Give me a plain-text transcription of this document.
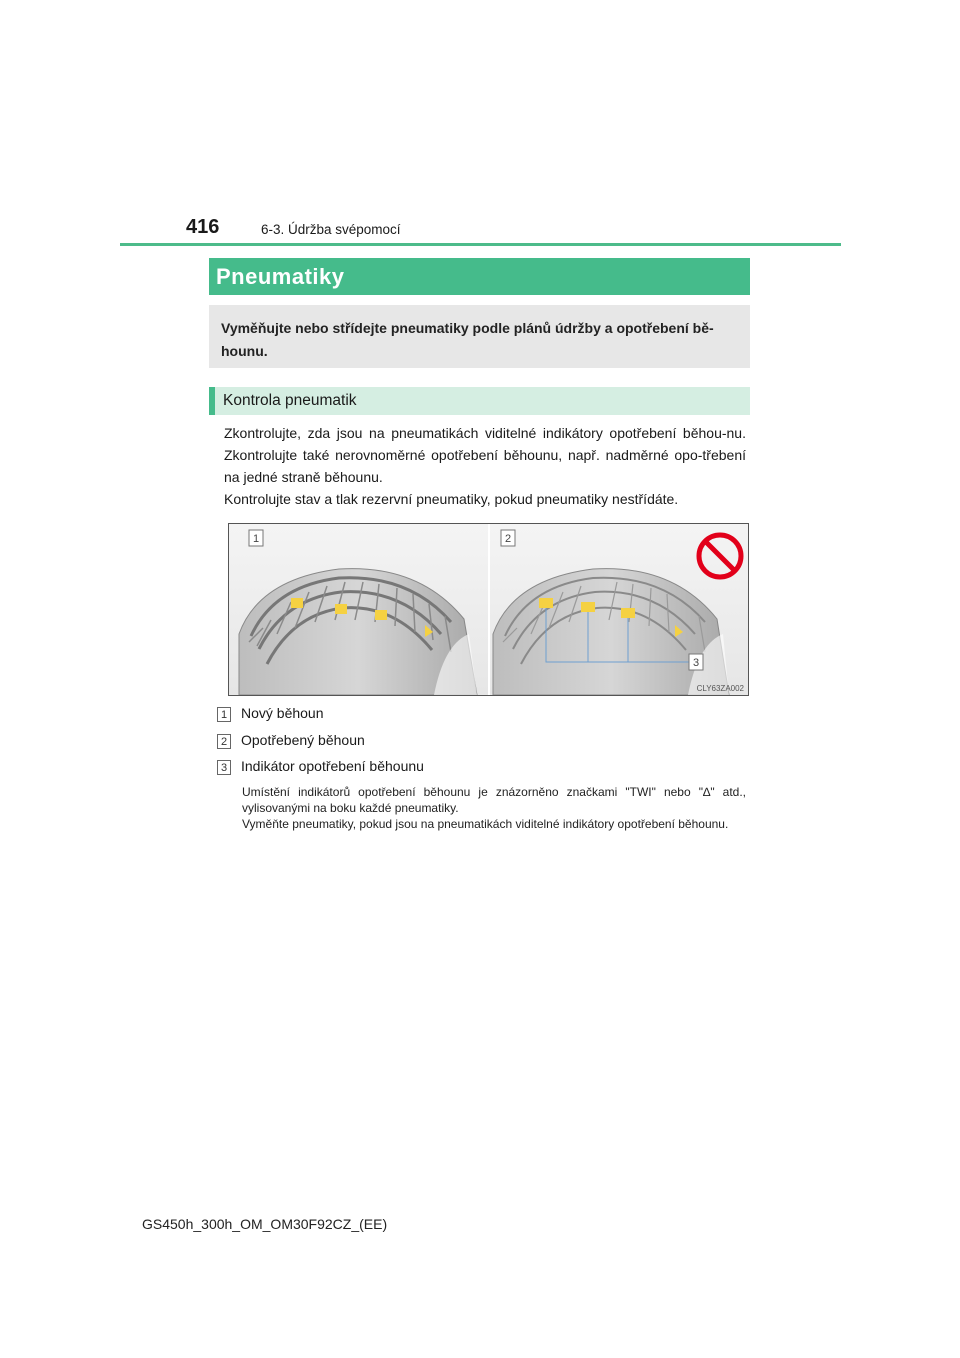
416	6-3. Údržba svépomocí
Pneumatiky
Vyměňujte nebo střídejte pneumatiky podle plánů údržby a opotřebení bě-hounu.
Kontrola pneumatik

Zkontrolujte, zda jsou na pneumatikách viditelné indikátory opotřebení běhou-nu. Zkontrolujte také nerovnoměrné opotřebení běhounu, např. nadměrné opo-třebení na jedné straně běhounu.

Kontrolujte stav a tlak rezervní pneumatiky, pokud pneumatiky nestřídáte.

1	2
3
CLY63ZA002
1 Nový běhoun
2 Opotřebený běhoun
3 Indikátor opotřebení běhounu

Umístění indikátorů opotřebení běhounu je znázorněno značkami "TWI" nebo "∆" atd., vylisovanými na boku každé pneumatiky.

Vyměňte pneumatiky, pokud jsou na pneumatikách viditelné indikátory opotřebení běhounu.

GS450h_300h_OM_OM30F92CZ_(EE)
